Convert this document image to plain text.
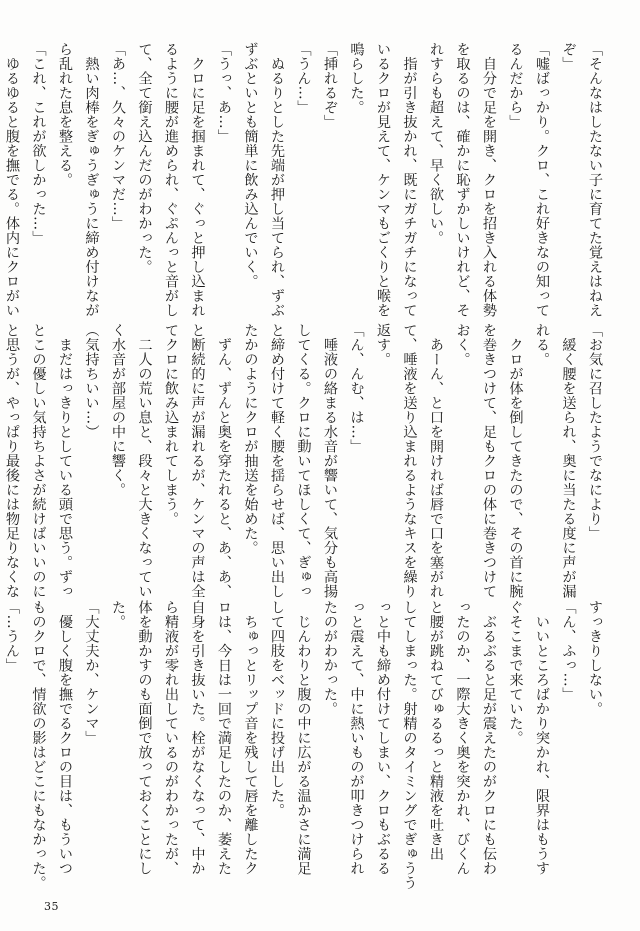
「そんなはしたない子に育てた覚えはねえ

ぞ」

「嘘ばっかり。クロ、これ好きなの知って

るんだから」

　自分で足を開き、クロを招き入れる体勢

を取るのは、確かに恥ずかしいけれど、そ

れすらも超えて、早く欲しい。

　指が引き抜かれ、既にガチガチになって

いるクロが見えて、ケンマもごくりと喉を

鳴らした。

「挿れるぞ」

「うん…」

　ぬるりとした先端が押し当てられ、ずぶ

ずぶといとも簡単に飲み込んでいく。

「うっ、あ…」

　クロに足を掴まれて、ぐっと押し込まれ

るように腰が進められ、ぐぷんっと音がし

て、全て銜え込んだのがわかった。

「あ…、久々のケンマだ…」

　熱い肉棒をぎゅうぎゅうに締め付けなが

ら乱れた息を整える。

「これ、これが欲しかった…」

　ゆるゆると腹を撫でる。体内にクロがい

「お気に召したようでなにより」

　緩く腰を送られ、奥に当たる度に声が漏

れる。

　クロが体を倒してきたので、その首に腕

を巻きつけて、足もクロの体に巻きつけて

おく。

　あーん、と口を開ければ唇で口を塞がれ

て、唾液を送り込まれるようなキスを繰り

返す。

「ん、んむ、は…」

　唾液の絡まる水音が響いて、気分も高揚

してくる。クロに動いてほしくて、ぎゅっ

と締め付けて軽く腰を揺らせば、思い出し

たかのようにクロが抽送を始めた。

　ずん、ずんと奥を穿たれると、あ、あ、

と断続的に声が漏れるが、ケンマの声は全

てクロに飲み込まれてしまう。

　二人の荒い息と、段々と大きくなってい

く水音が部屋の中に響く。

（気持ちいい…）

　まだはっきりとしている頭で思う。ずっ

とこの優しい気持ちよさが続けばいいのに

と思うが、やっぱり最後には物足りなくな

すっきりしない。

「ん、ふっ…」

　いいところばかり突かれ、限界はもうす

ぐそこまで来ていた。

　ぶるぶると足が震えたのがクロにも伝わ

ったのか、一際大きく奥を突かれ、びくん

と腰が跳ねてびゅるるっと精液を吐き出

してしまった。射精のタイミングでぎゅうう

っと中も締め付けてしまい、クロもぶるる

っと震えて、中に熱いものが叩きつけられ

たのがわかった。

　じんわりと腹の中に広がる温かさに満足

して四肢をベッドに投げ出した。

　ちゅっとリップ音を残して唇を離したク

ロは、今日は一回で満足したのか、萎えた

自身を引き抜いた。栓がなくなって、中か

ら精液が零れ出しているのがわかったが、

体を動かすのも面倒で放っておくことにし

た。

「大丈夫か、ケンマ」

　優しく腹を撫でるクロの目は、もういつ

ものクロで、情欲の影はどこにもなかった。

「…うん」

35
